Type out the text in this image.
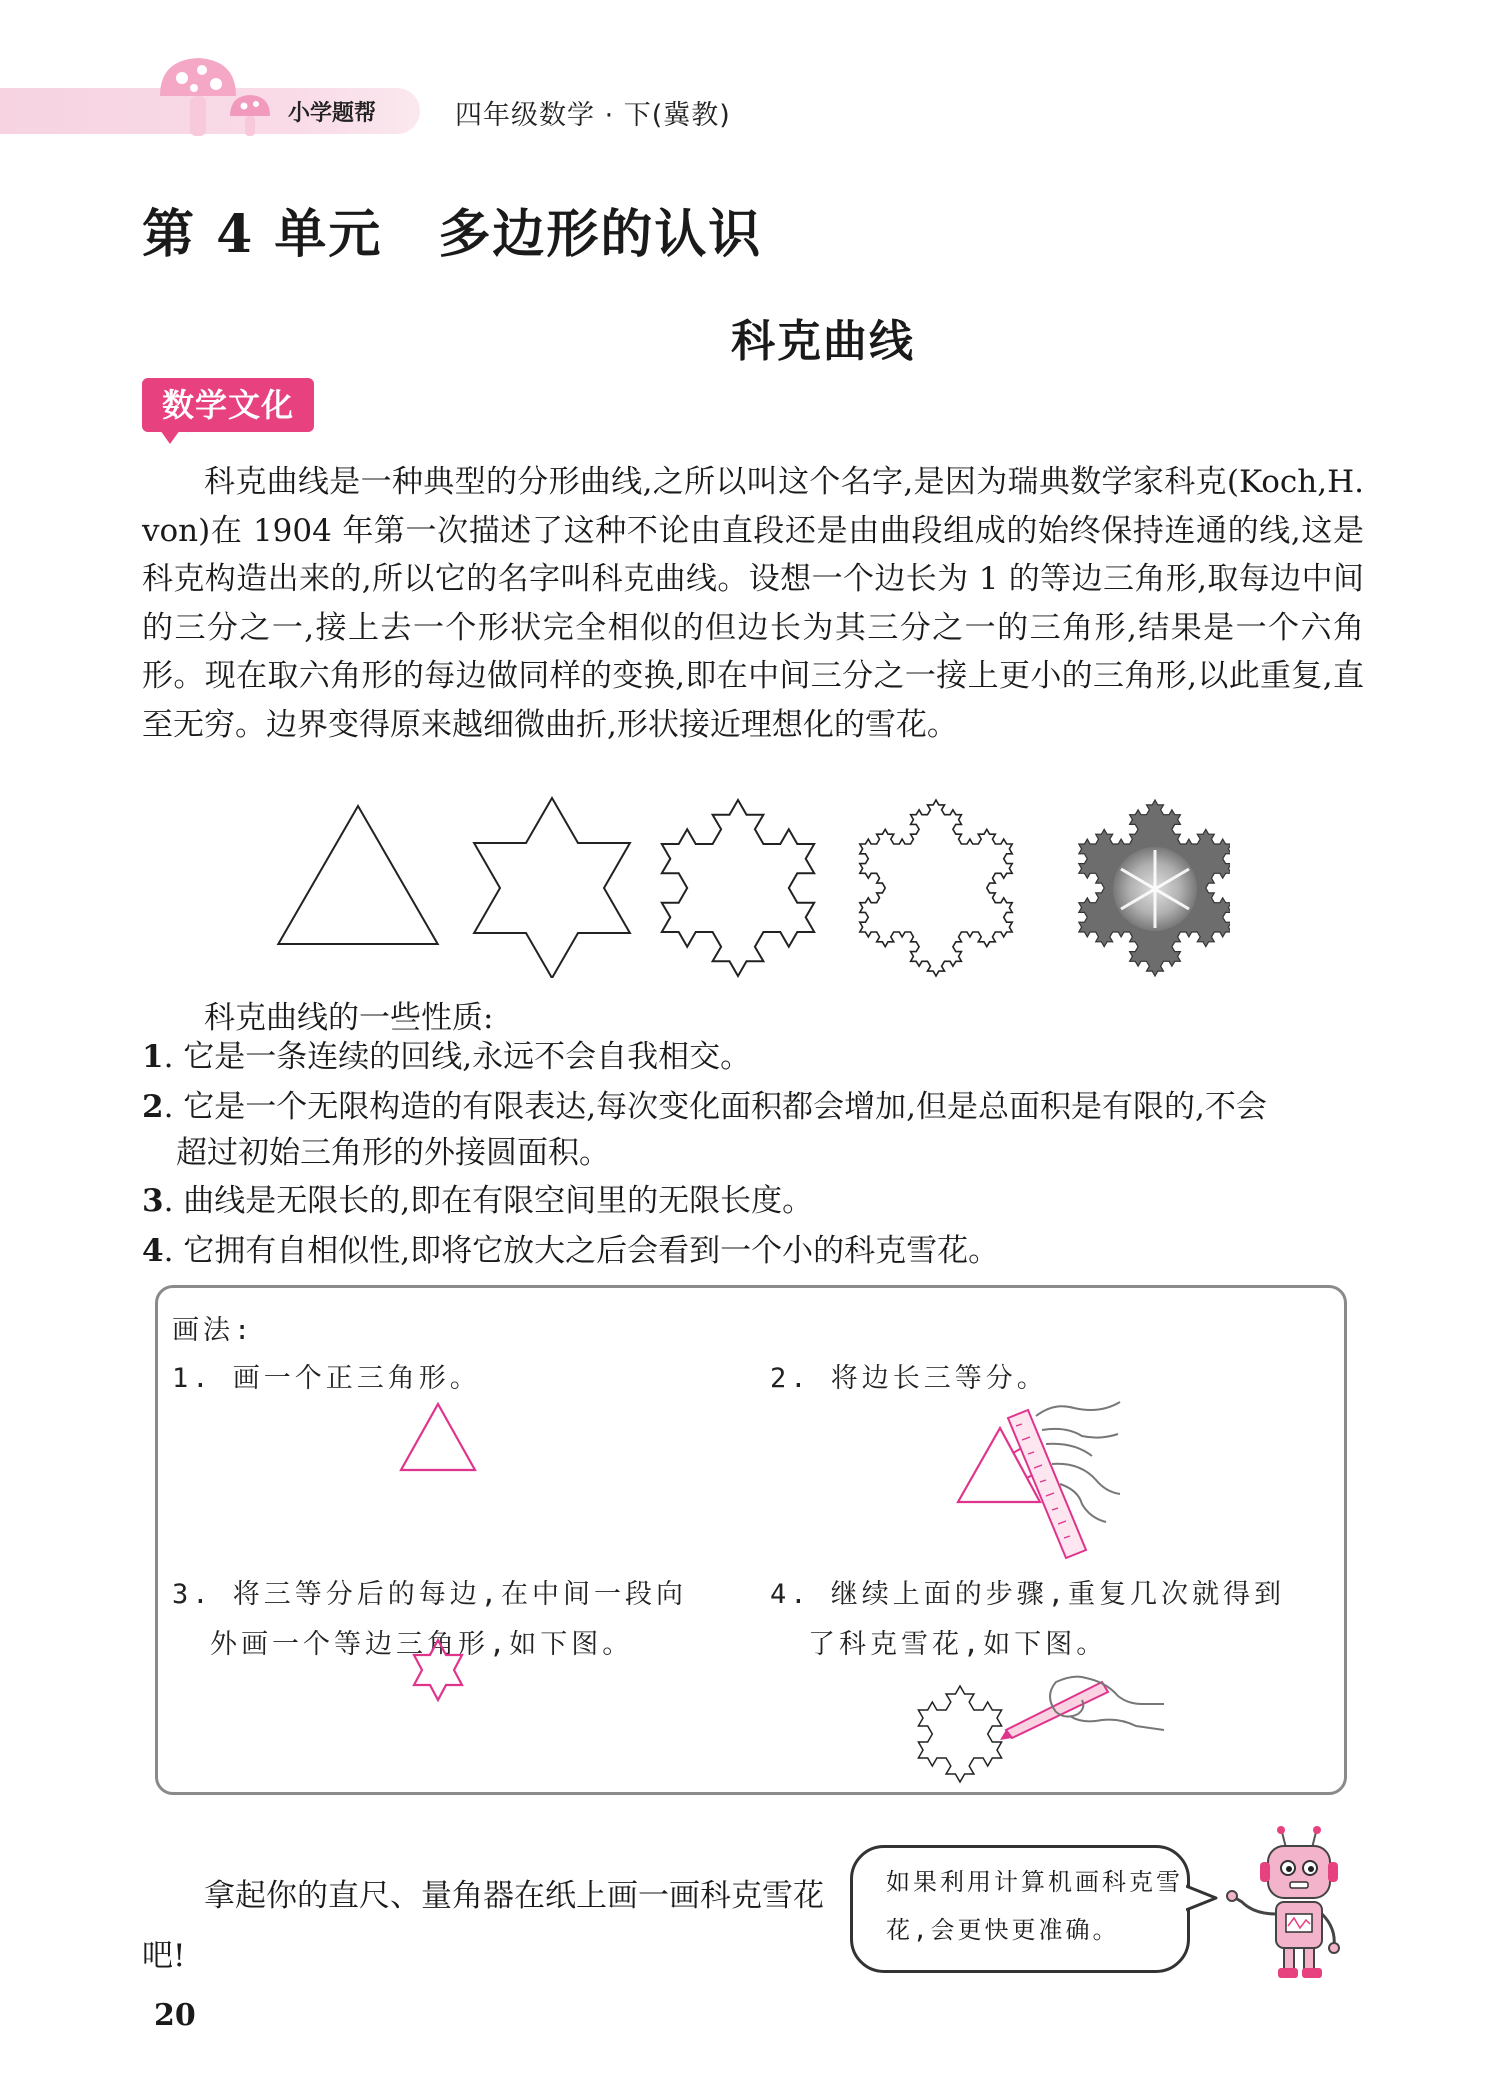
小学题帮	四年级数学 · 下(冀教)
第 4 单元 多边形的认识
科克曲线
数学文化

科克曲线是一种典型的分形曲线,之所以叫这个名字,是因为瑞典数学家科克(Koch,H. von)在 1904 年第一次描述了这种不论由直段还是由曲段组成的始终保持连通的线,这是科克构造出来的,所以它的名字叫科克曲线。设想一个边长为 1 的等边三角形,取每边中间的三分之一,接上去一个形状完全相似的但边长为其三分之一的三角形,结果是一个六角形。现在取六角形的每边做同样的变换,即在中间三分之一接上更小的三角形,以此重复,直至无穷。边界变得原来越细微曲折,形状接近理想化的雪花。

科克曲线的一些性质:
1. 它是一条连续的回线,永远不会自我相交。
2. 它是一个无限构造的有限表达,每次变化面积都会增加,但是总面积是有限的,不会
超过初始三角形的外接圆面积。
3. 曲线是无限长的,即在有限空间里的无限长度。
4. 它拥有自相似性,即将它放大之后会看到一个小的科克雪花。
画法:
1. 画一个正三角形。	2. 将边长三等分。
3. 将三等分后的每边,在中间一段向
外画一个等边三角形,如下图。
4. 继续上面的步骤,重复几次就得到
了科克雪花,如下图。
拿起你的直尺、量角器在纸上画一画科克雪花吧!
如果利用计算机画科克雪花,会更快更准确。
20
